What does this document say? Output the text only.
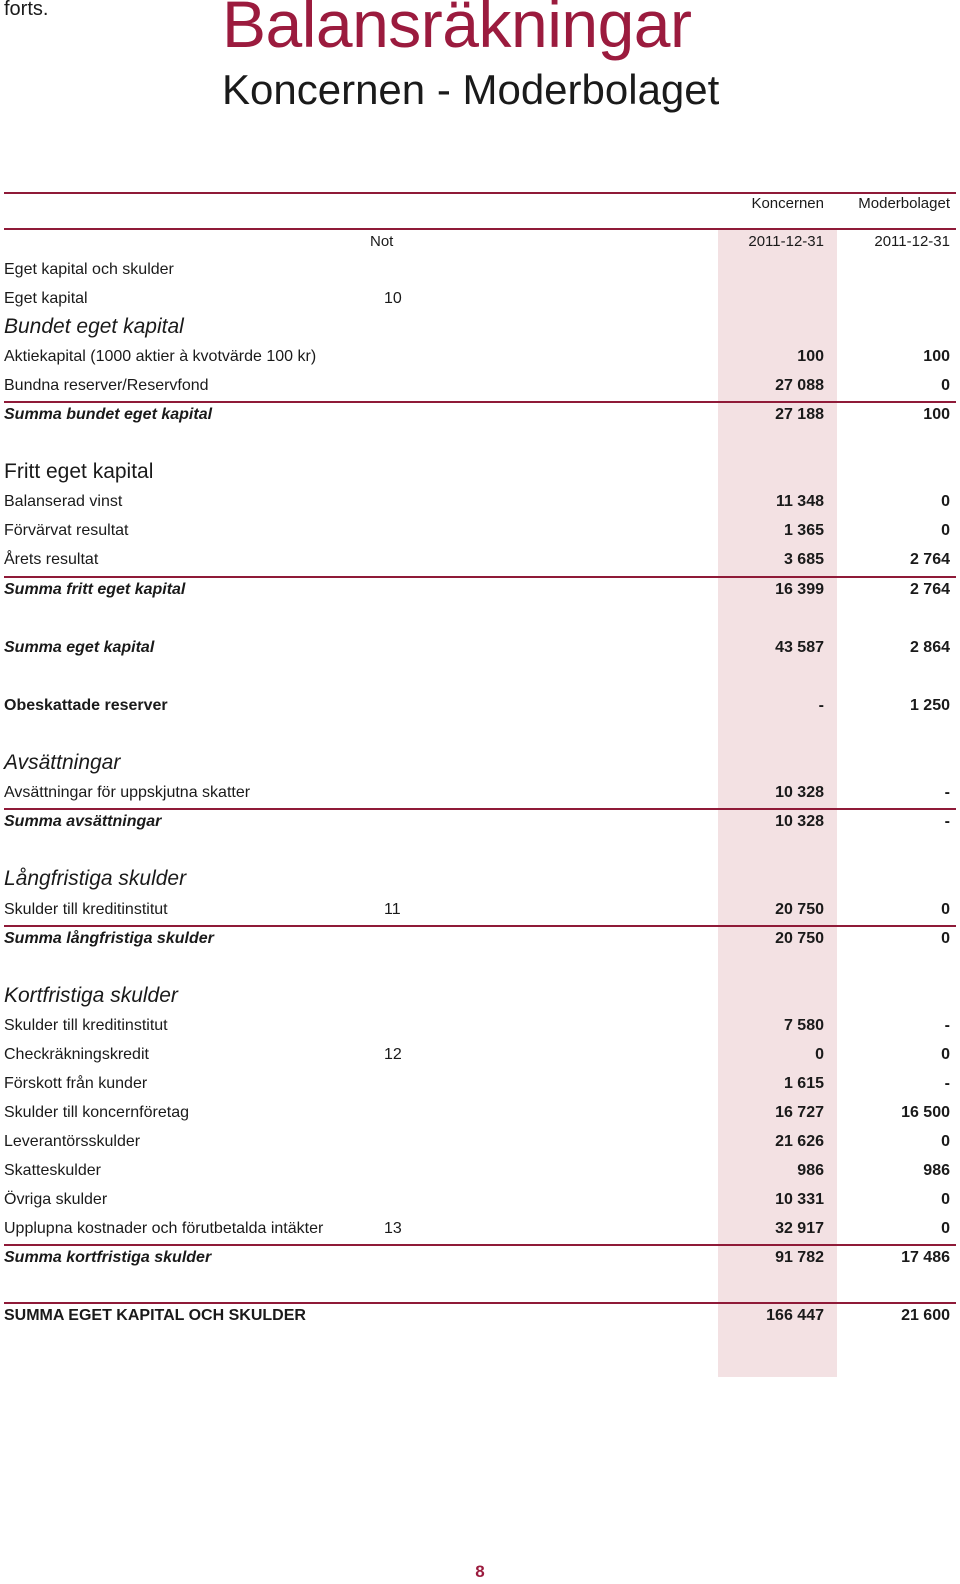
forts.	Balansräkningar
Koncernen - Moderbolaget
Koncernen Moderbolaget
Not	2011-12-31	2011-12-31
Eget kapital och skulder
Eget kapital	10
Bundet eget kapital
Aktiekapital (1000 aktier à kvotvärde 100 kr)	100	100
Bundna reserver/Reservfond	27 088	0
Summa bundet eget kapital	27 188	100
Fritt eget kapital
Balanserad vinst	11 348	0
Förvärvat resultat	1 365	0
Årets resultat	3 685	2 764
Summa fritt eget kapital	16 399	2 764
Summa eget kapital	43 587	2 864
Obeskattade reserver	-	1 250
Avsättningar
Avsättningar för uppskjutna skatter	10 328	-
Summa avsättningar	10 328	-
Långfristiga skulder
Skulder till kreditinstitut	11	20 750	0
Summa långfristiga skulder	20 750	0
Kortfristiga skulder
Skulder till kreditinstitut	7 580	-
Checkräkningskredit	12	0	0
Förskott från kunder	1 615	-
Skulder till koncernföretag	16 727	16 500
Leverantörsskulder	21 626	0
Skatteskulder	986	986
Övriga skulder	10 331	0
Upplupna kostnader och förutbetalda intäkter	13	32 917	0
Summa kortfristiga skulder	91 782	17 486
SUMMA EGET KAPITAL OCH SKULDER	166 447	21 600
8
